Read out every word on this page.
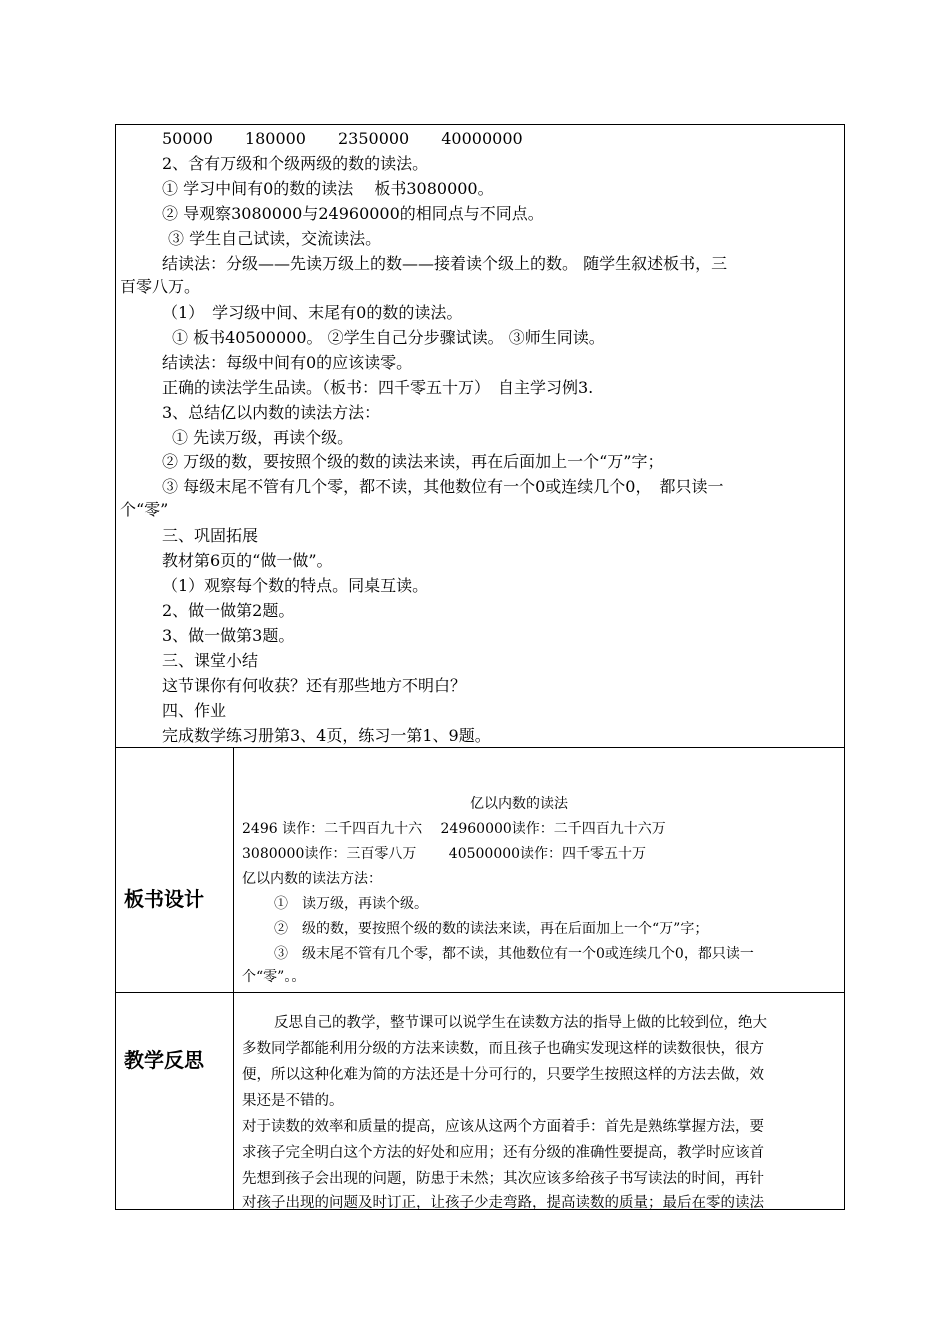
50000　　180000　　2350000　　40000000
2、含有万级和个级两级的数的读法。
① 学习中间有0的数的读法　 板书3080000。
② 导观察3080000与24960000的相同点与不同点。
③ 学生自己试读，交流读法。
结读法：分级——先读万级上的数——接着读个级上的数。 随学生叙述板书，三
百零八万。
（1）　学习级中间、末尾有0的数的读法。
① 板书40500000。 ②学生自己分步骤试读。 ③师生同读。
结读法：每级中间有0的应该读零。
正确的读法学生品读。（板书：四千零五十万）　自主学习例3.
3、总结亿以内数的读法方法：
① 先读万级，再读个级。
② 万级的数，要按照个级的数的读法来读，再在后面加上一个“万”字；
③ 每级末尾不管有几个零，都不读，其他数位有一个0或连续几个0，　都只读一
个“零”
三、巩固拓展
教材第6页的“做一做”。
（1）观察每个数的特点。同桌互读。
2、做一做第2题。
3、做一做第3题。
三、课堂小结
这节课你有何收获？还有那些地方不明白？
四、作业
完成数学练习册第3、4页，练习一第1、9题。
板书设计
亿以内数的读法
2496 读作：二千四百九十六　 24960000读作：二千四百九十六万
3080000读作：三百零八万　　 40500000读作：四千零五十万
亿以内数的读法方法：
①　读万级，再读个级。
②　级的数，要按照个级的数的读法来读，再在后面加上一个“万”字；
③　级末尾不管有几个零，都不读，其他数位有一个0或连续几个0，都只读一
个“零”。。
教学反思
反思自己的教学，整节课可以说学生在读数方法的指导上做的比较到位，绝大
多数同学都能利用分级的方法来读数，而且孩子也确实发现这样的读数很快，很方
便，所以这种化难为简的方法还是十分可行的，只要学生按照这样的方法去做，效
果还是不错的。
对于读数的效率和质量的提高，应该从这两个方面着手：首先是熟练掌握方法，要
求孩子完全明白这个方法的好处和应用；还有分级的准确性要提高，教学时应该首
先想到孩子会出现的问题，防患于未然；其次应该多给孩子书写读法的时间，再针
对孩子出现的问题及时订正，让孩子少走弯路，提高读数的质量；最后在零的读法
